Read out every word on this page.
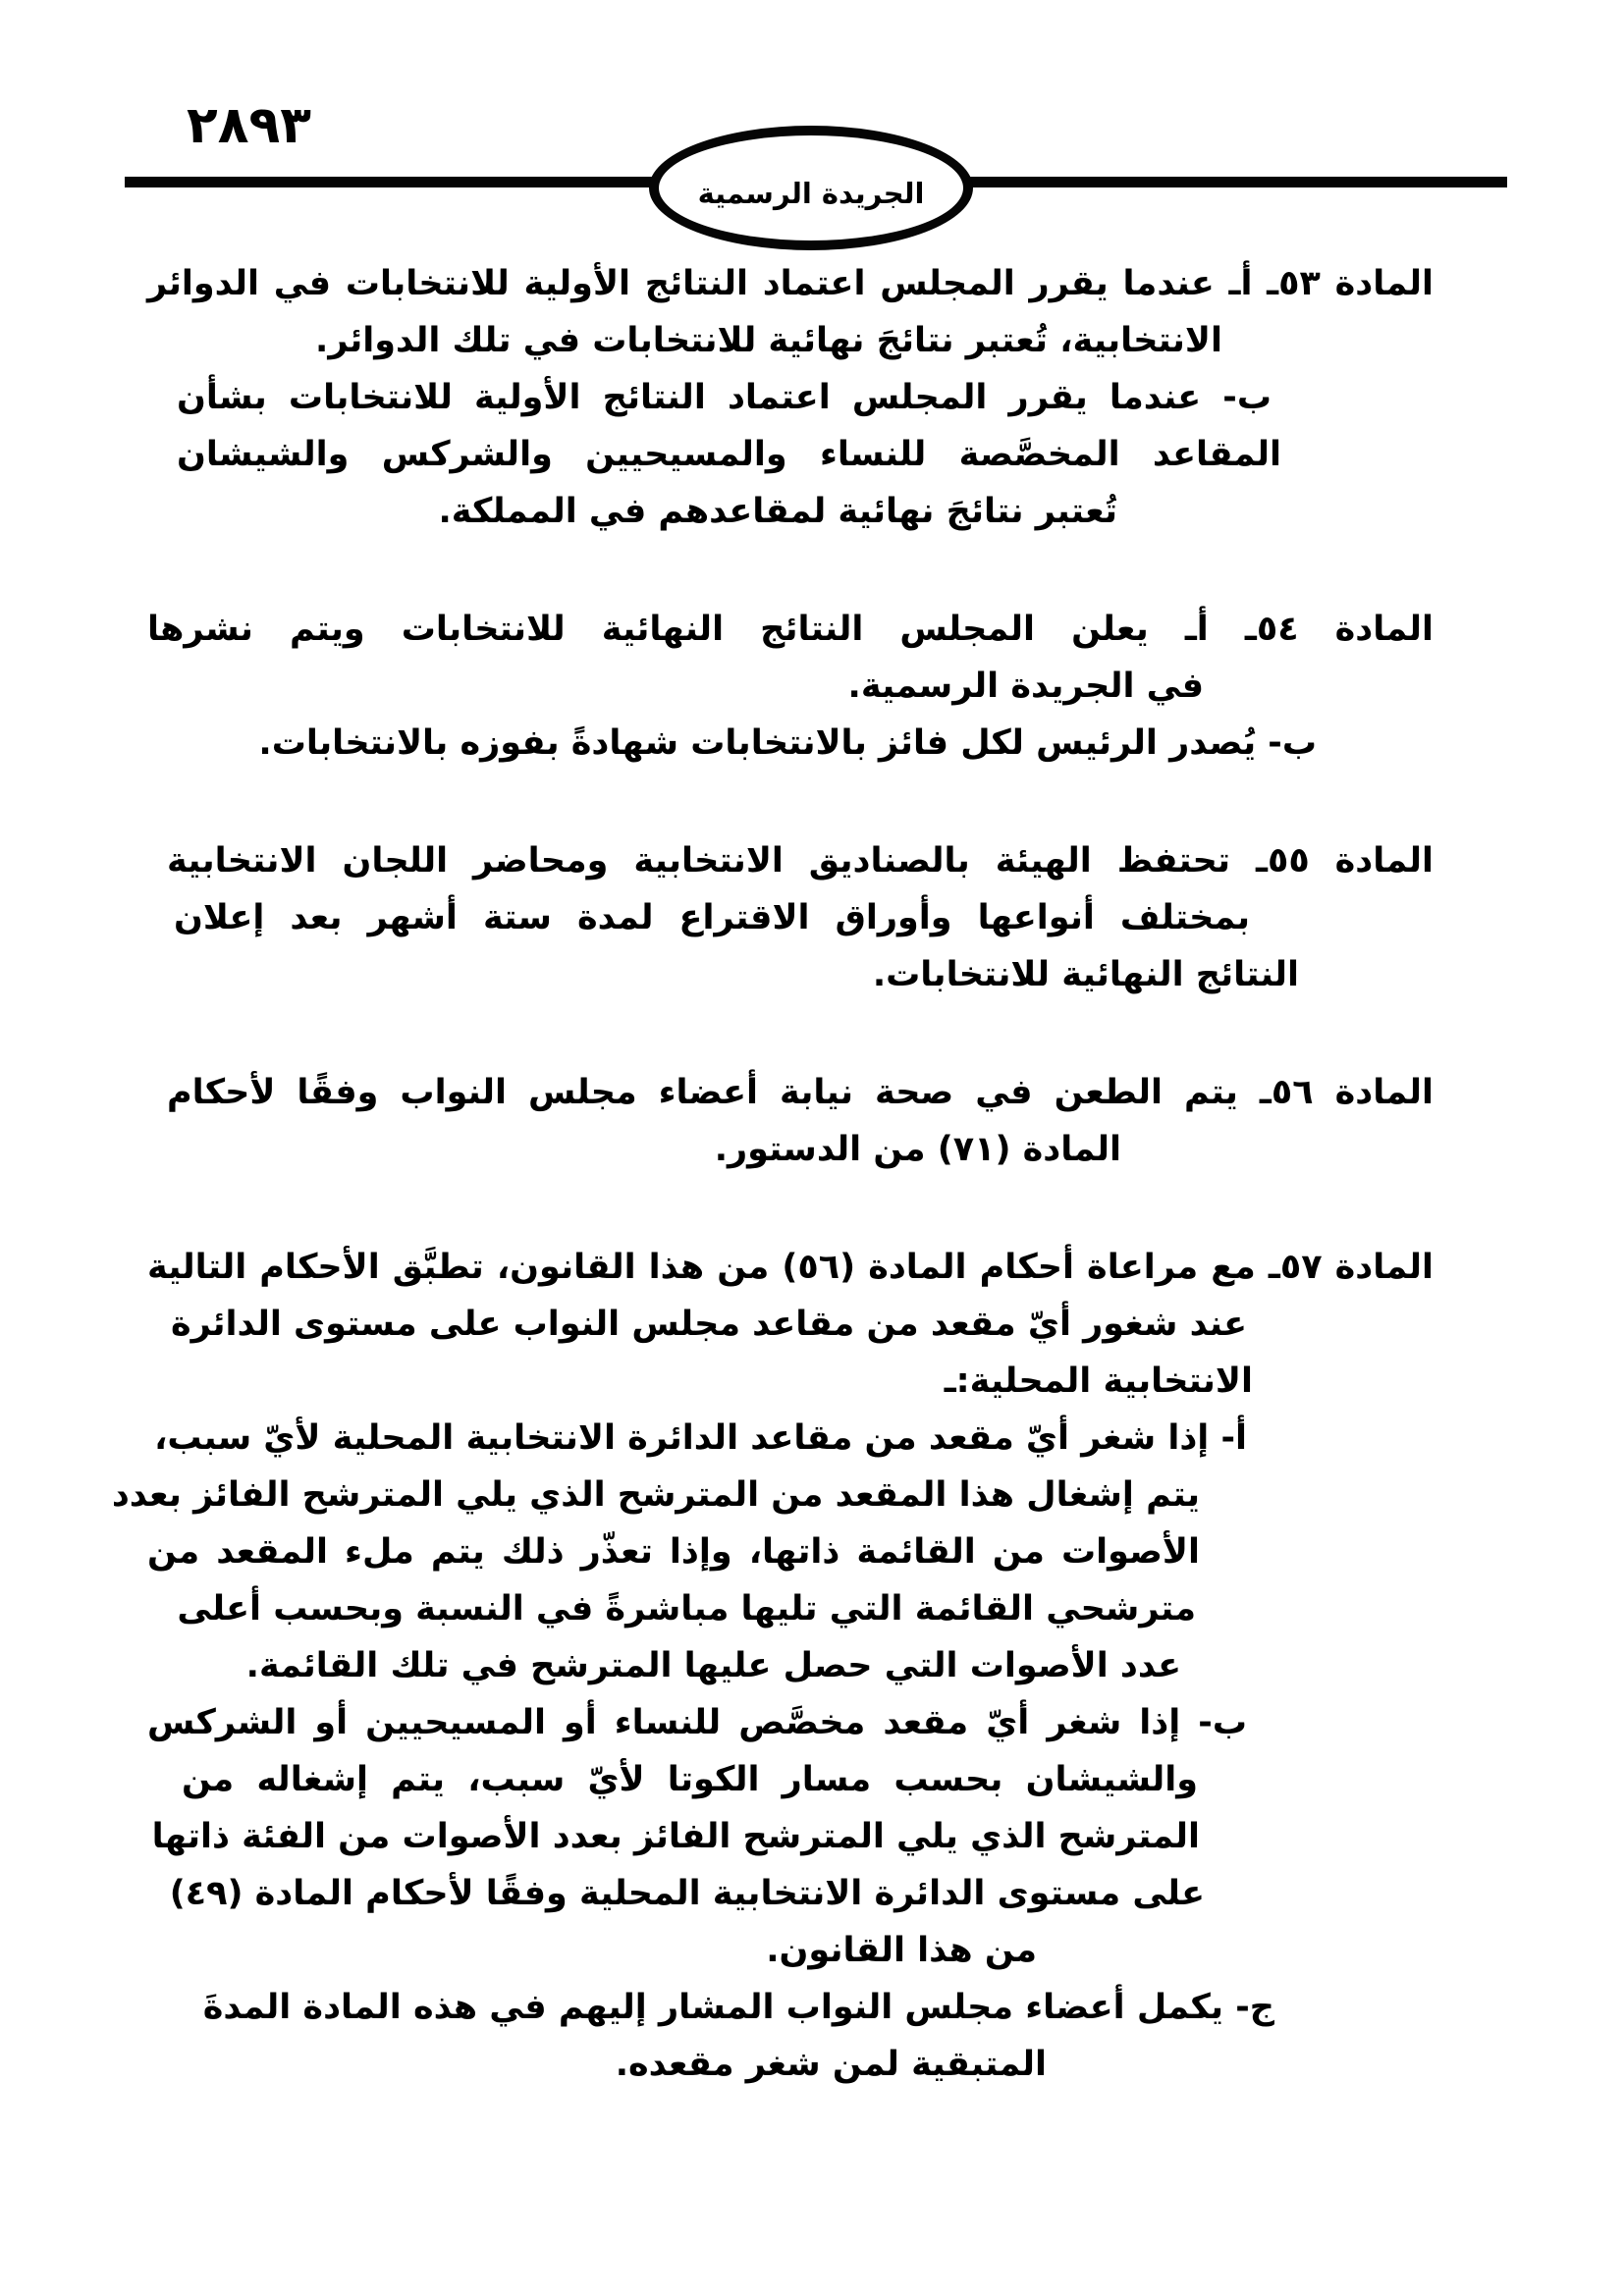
٢٨٩٣
الجريدة الرسمية
المادة ٥٣ـ أـ عندما يقرر المجلس اعتماد النتائج الأولية للانتخابات في الدوائر
الانتخابية، تُعتبر نتائجَ نهائية للانتخابات في تلك الدوائر.
ب- عندما يقرر المجلس اعتماد النتائج الأولية للانتخابات بشأن
المقاعد المخصَّصة للنساء والمسيحيين والشركس والشيشان
تُعتبر نتائجَ نهائية لمقاعدهم في المملكة.
المادة ٥٤ـ أـ يعلن المجلس النتائج النهائية للانتخابات ويتم نشرها
في الجريدة الرسمية.
ب- يُصدر الرئيس لكل فائز بالانتخابات شهادةً بفوزه بالانتخابات.
المادة ٥٥ـ تحتفظ الهيئة بالصناديق الانتخابية ومحاضر اللجان الانتخابية
بمختلف أنواعها وأوراق الاقتراع لمدة ستة أشهر بعد إعلان
النتائج النهائية للانتخابات.
المادة ٥٦ـ يتم الطعن في صحة نيابة أعضاء مجلس النواب وفقًا لأحكام
المادة (٧١) من الدستور.
المادة ٥٧ـ مع مراعاة أحكام المادة (٥٦) من هذا القانون، تطبَّق الأحكام التالية
عند شغور أيّ مقعد من مقاعد مجلس النواب على مستوى الدائرة
الانتخابية المحلية:ـ
أ- إذا شغر أيّ مقعد من مقاعد الدائرة الانتخابية المحلية لأيّ سبب،
يتم إشغال هذا المقعد من المترشح الذي يلي المترشح الفائز بعدد
الأصوات من القائمة ذاتها، وإذا تعذّر ذلك يتم ملء المقعد من
مترشحي القائمة التي تليها مباشرةً في النسبة وبحسب أعلى
عدد الأصوات التي حصل عليها المترشح في تلك القائمة.
ب- إذا شغر أيّ مقعد مخصَّص للنساء أو المسيحيين أو الشركس
والشيشان بحسب مسار الكوتا لأيّ سبب، يتم إشغاله من
المترشح الذي يلي المترشح الفائز بعدد الأصوات من الفئة ذاتها
على مستوى الدائرة الانتخابية المحلية وفقًا لأحكام المادة (٤٩)
من هذا القانون.
ج- يكمل أعضاء مجلس النواب المشار إليهم في هذه المادة المدةَ
المتبقية لمن شغر مقعده.
